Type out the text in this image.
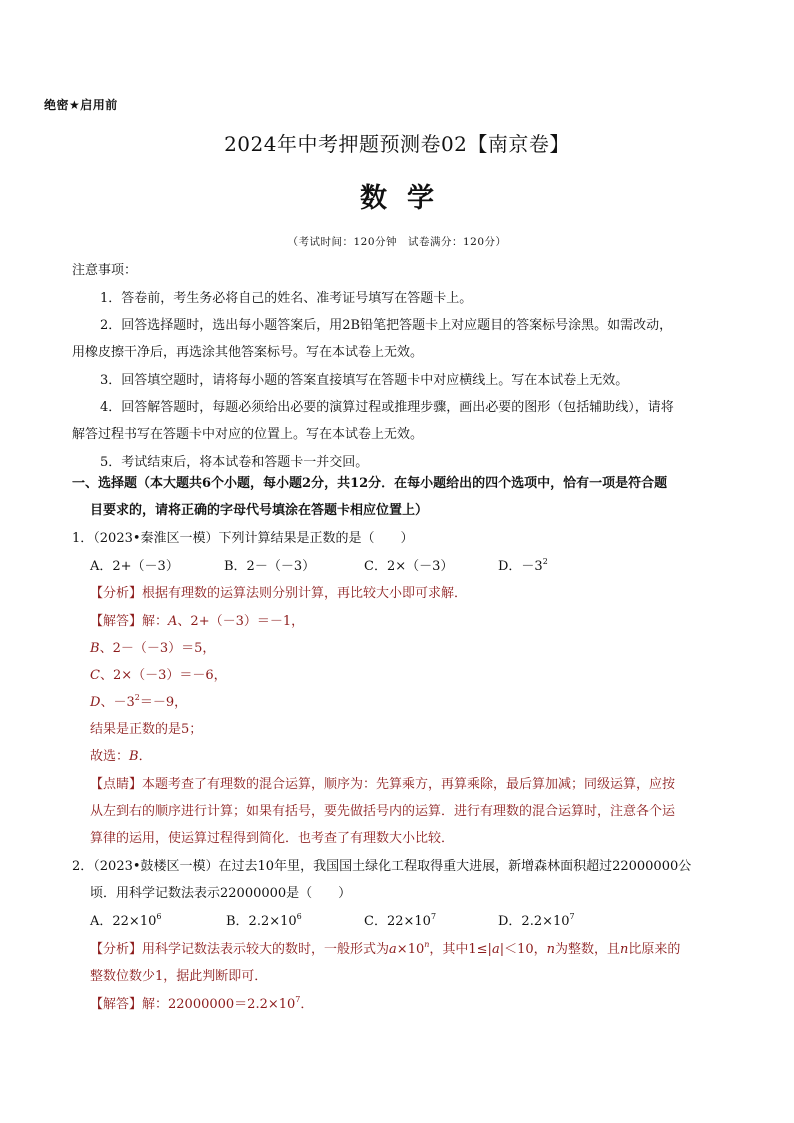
绝密★启用前
2024年中考押题预测卷02【南京卷】
数学
（考试时间：120分钟　试卷满分：120分）
注意事项：
1．答卷前，考生务必将自己的姓名、准考证号填写在答题卡上。
2．回答选择题时，选出每小题答案后，用2B铅笔把答题卡上对应题目的答案标号涂黑。如需改动，
用橡皮擦干净后，再选涂其他答案标号。写在本试卷上无效。
3．回答填空题时，请将每小题的答案直接填写在答题卡中对应横线上。写在本试卷上无效。
4．回答解答题时，每题必须给出必要的演算过程或推理步骤，画出必要的图形（包括辅助线），请将
解答过程书写在答题卡中对应的位置上。写在本试卷上无效。
5．考试结束后，将本试卷和答题卡一并交回。
一、选择题（本大题共6个小题，每小题2分，共12分．在每小题给出的四个选项中，恰有一项是符合题
目要求的，请将正确的字母代号填涂在答题卡相应位置上）
1．（2023•秦淮区一模）下列计算结果是正数的是（　　）
A．2+（－3）	B．2－（－3）	C．2×（－3）	D．$-3^2$
【分析】根据有理数的运算法则分别计算，再比较大小即可求解．
【解答】解：A、2+（－3）＝－1，
B、2－（－3）＝5，
C、2×（－3）＝－6，
D、$-3^2=-9$，
结果是正数的是5；
故选：B．
【点睛】本题考查了有理数的混合运算，顺序为：先算乘方，再算乘除，最后算加减；同级运算，应按
从左到右的顺序进行计算；如果有括号，要先做括号内的运算．进行有理数的混合运算时，注意各个运
算律的运用，使运算过程得到简化．也考查了有理数大小比较．
2．（2023•鼓楼区一模）在过去10年里，我国国土绿化工程取得重大进展，新增森林面积超过22000000公
顷．用科学记数法表示22000000是（　　）
A．$22\times 10^6$	B．$2.2\times 10^6$	C．$22\times 10^7$	D．$2.2\times 10^7$
【分析】用科学记数法表示较大的数时，一般形式为$a\times 10^n$，其中1≤|a|＜10，n为整数，且n比原来的
整数位数少1，据此判断即可．
【解答】解：$22000000=2.2\times 10^7$．
